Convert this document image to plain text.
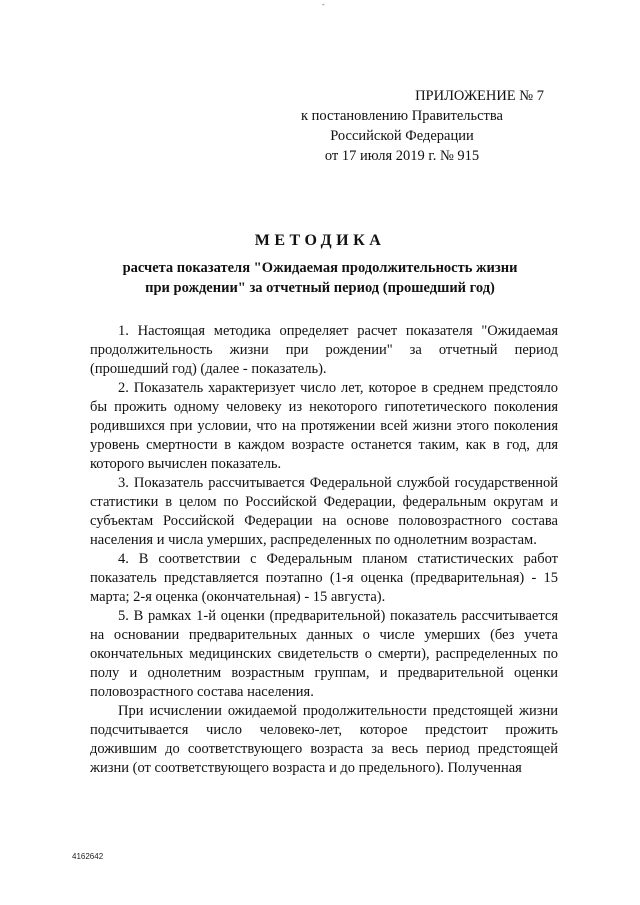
-
ПРИЛОЖЕНИЕ № 7
к постановлению Правительства
Российской Федерации
от 17 июля 2019 г. № 915
МЕТОДИКА
расчета показателя "Ожидаемая продолжительность жизни
при рождении" за отчетный период (прошедший год)

1. Настоящая методика определяет расчет показателя "Ожидаемая продолжительность жизни при рождении" за отчетный период (прошедший год) (далее - показатель).

2. Показатель характеризует число лет, которое в среднем предстояло бы прожить одному человеку из некоторого гипотетического поколения родившихся при условии, что на протяжении всей жизни этого поколения уровень смертности в каждом возрасте останется таким, как в год, для которого вычислен показатель.

3. Показатель рассчитывается Федеральной службой государственной статистики в целом по Российской Федерации, федеральным округам и субъектам Российской Федерации на основе половозрастного состава населения и числа умерших, распределенных по однолетним возрастам.

4. В соответствии с Федеральным планом статистических работ показатель представляется поэтапно (1-я оценка (предварительная) - 15 марта; 2-я оценка (окончательная) - 15 августа).

5. В рамках 1-й оценки (предварительной) показатель рассчитывается на основании предварительных данных о числе умерших (без учета окончательных медицинских свидетельств о смерти), распределенных по полу и однолетним возрастным группам, и предварительной оценки половозрастного состава населения.

При исчислении ожидаемой продолжительности предстоящей жизни подсчитывается число человеко-лет, которое предстоит прожить дожившим до соответствующего возраста за весь период предстоящей жизни (от соответствующего возраста и до предельного). Полученная

4162642
